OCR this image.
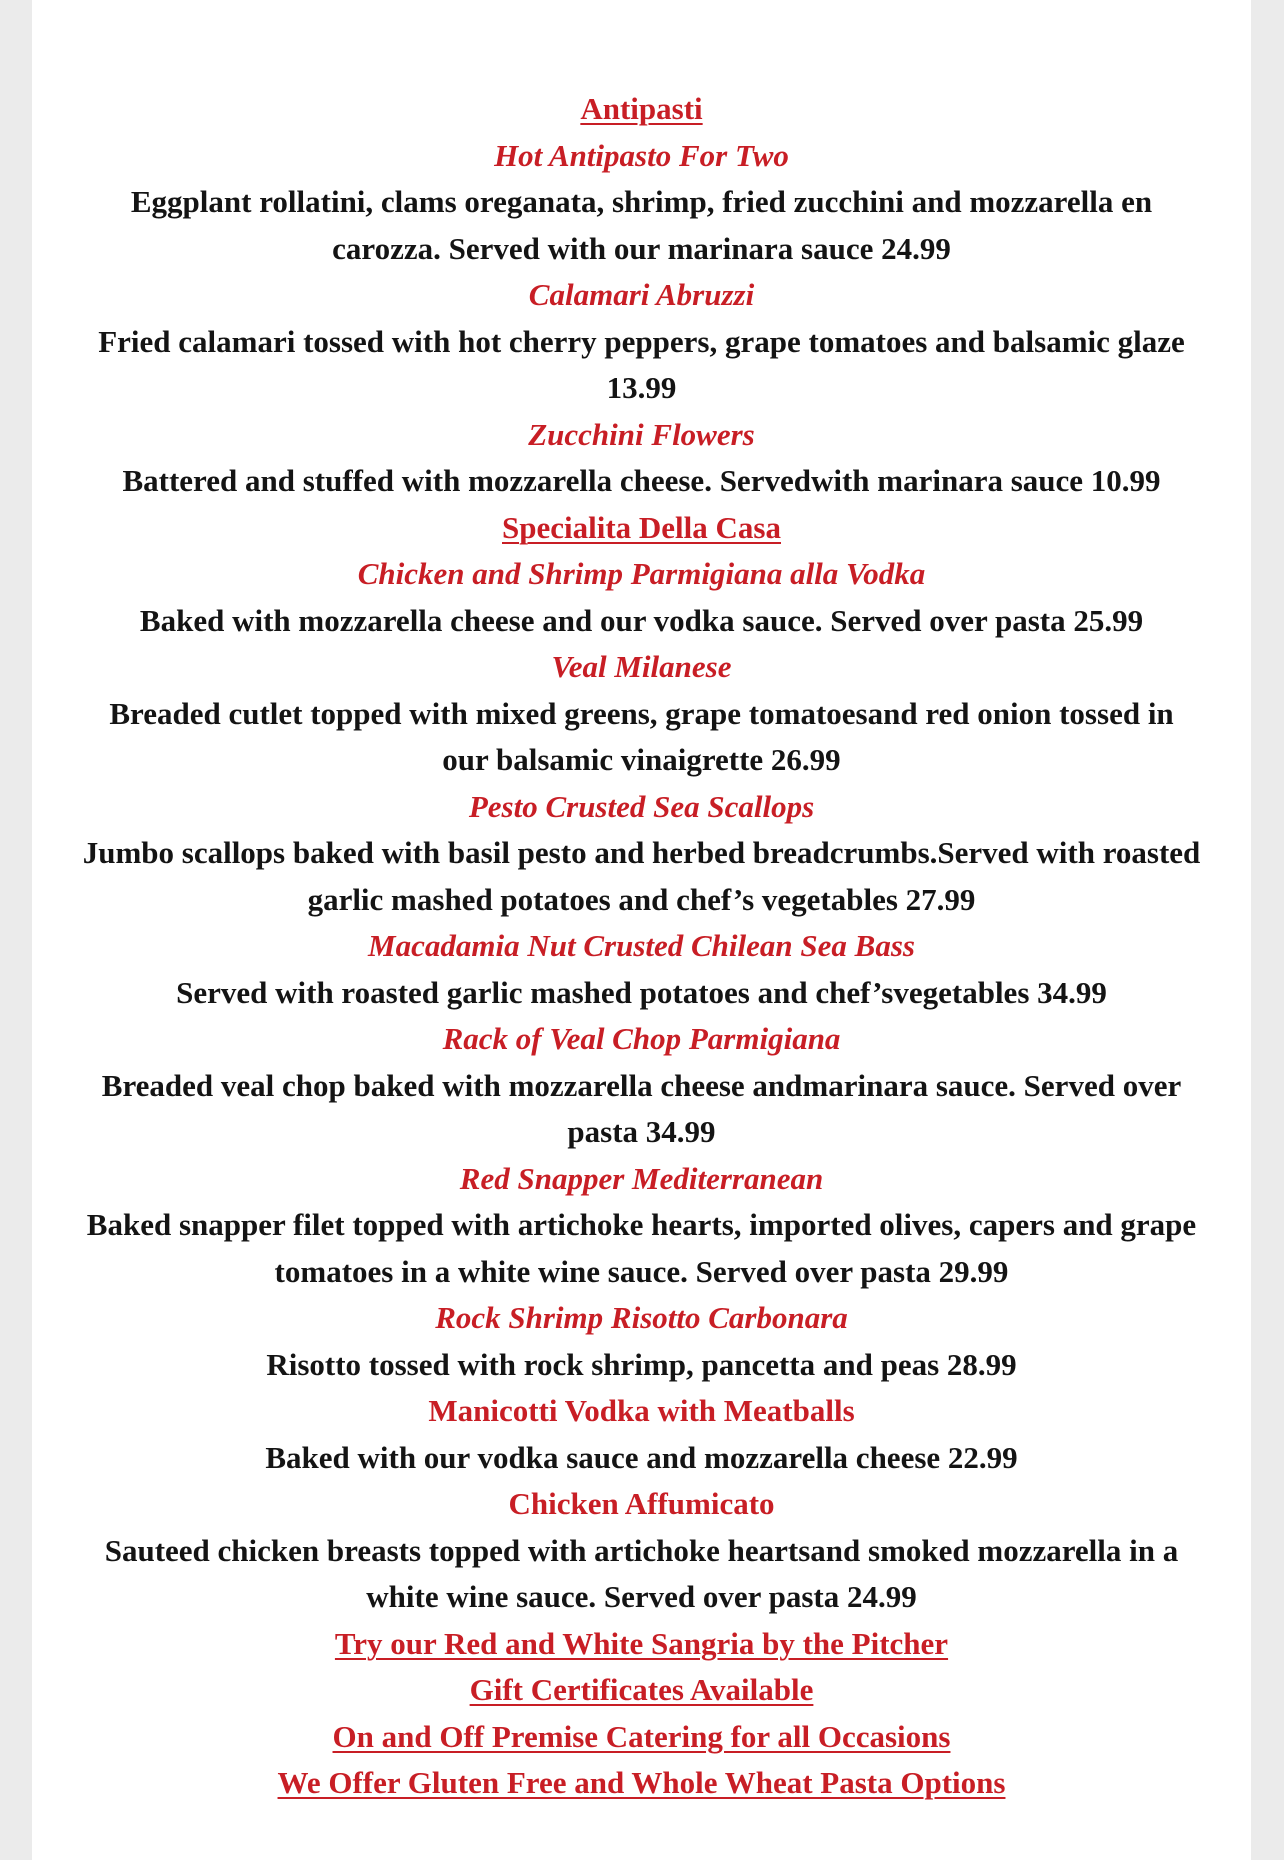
Antipasti
Hot Antipasto For Two
Eggplant rollatini, clams oreganata, shrimp, fried zucchini and mozzarella en
carozza. Served with our marinara sauce 24.99
Calamari Abruzzi
Fried calamari tossed with hot cherry peppers, grape tomatoes and balsamic glaze
13.99
Zucchini Flowers
Battered and stuffed with mozzarella cheese. Servedwith marinara sauce 10.99
Specialita Della Casa
Chicken and Shrimp Parmigiana alla Vodka
Baked with mozzarella cheese and our vodka sauce. Served over pasta 25.99
Veal Milanese
Breaded cutlet topped with mixed greens, grape tomatoesand red onion tossed in
our balsamic vinaigrette 26.99
Pesto Crusted Sea Scallops
Jumbo scallops baked with basil pesto and herbed breadcrumbs.Served with roasted
garlic mashed potatoes and chef’s vegetables 27.99
Macadamia Nut Crusted Chilean Sea Bass
Served with roasted garlic mashed potatoes and chef’svegetables 34.99
Rack of Veal Chop Parmigiana
Breaded veal chop baked with mozzarella cheese andmarinara sauce. Served over
pasta 34.99
Red Snapper Mediterranean
Baked snapper filet topped with artichoke hearts, imported olives, capers and grape
tomatoes in a white wine sauce. Served over pasta 29.99
Rock Shrimp Risotto Carbonara
Risotto tossed with rock shrimp, pancetta and peas 28.99
Manicotti Vodka with Meatballs
Baked with our vodka sauce and mozzarella cheese 22.99
Chicken Affumicato
Sauteed chicken breasts topped with artichoke heartsand smoked mozzarella in a
white wine sauce. Served over pasta 24.99
Try our Red and White Sangria by the Pitcher
Gift Certificates Available
On and Off Premise Catering for all Occasions
We Offer Gluten Free and Whole Wheat Pasta Options
